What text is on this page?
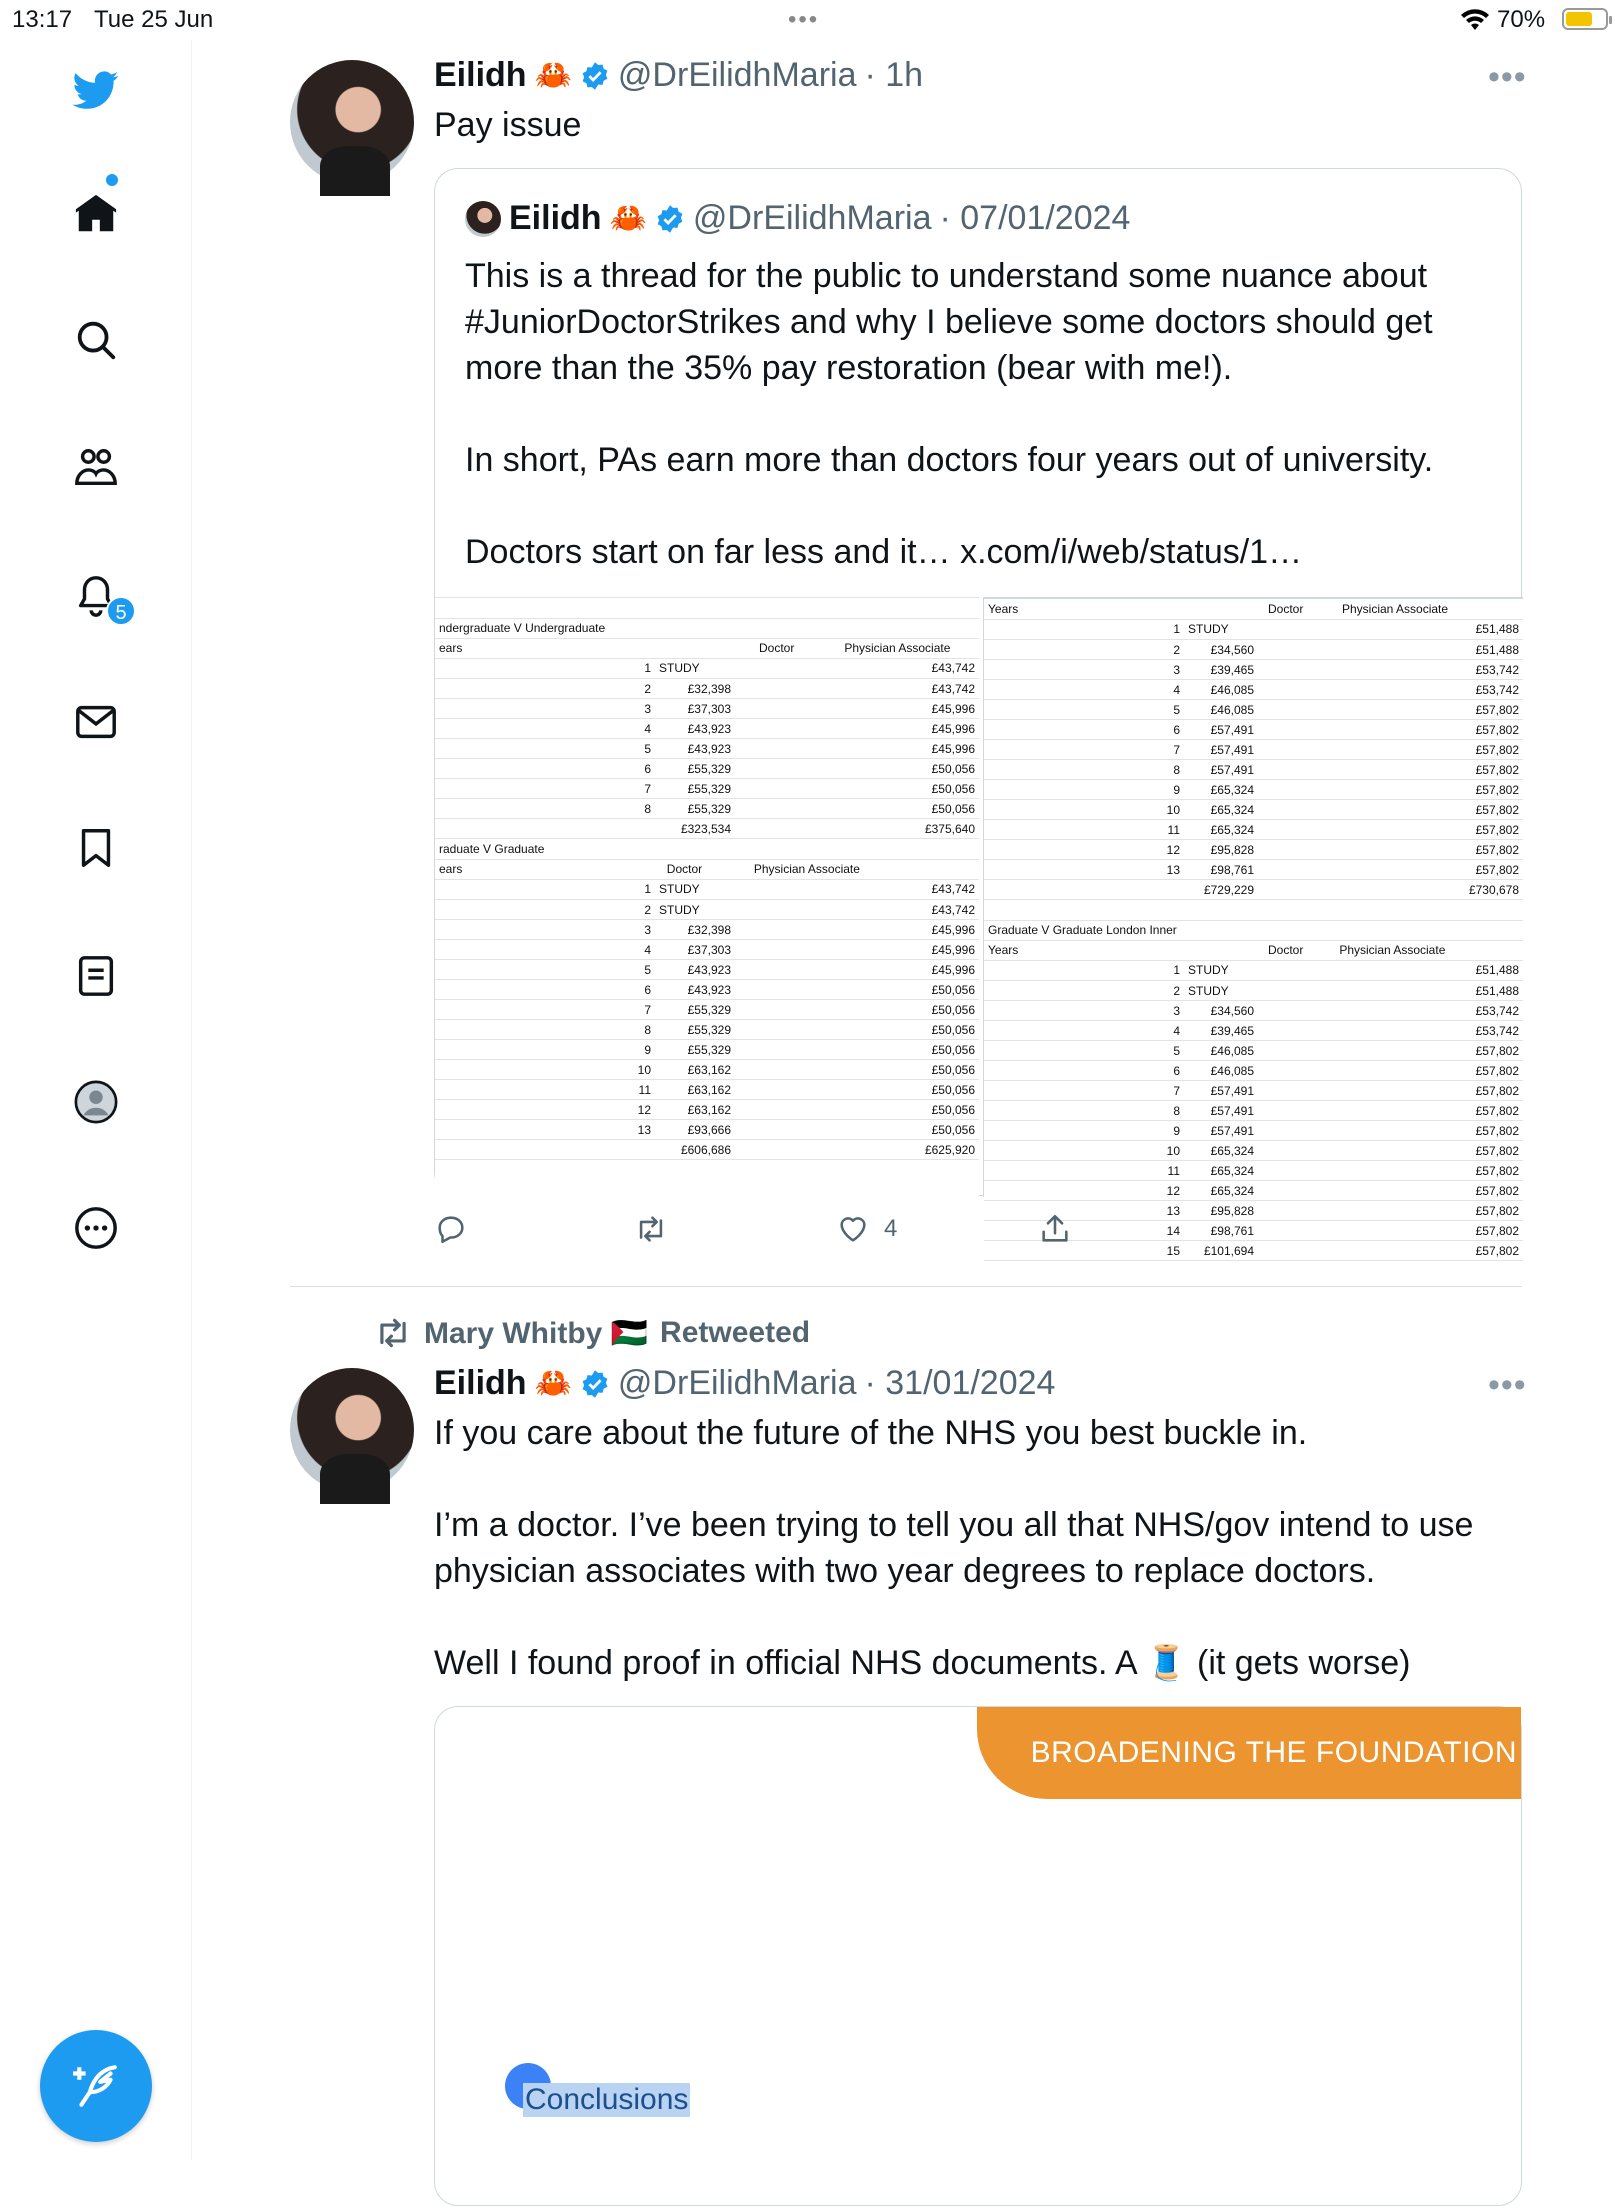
13:17 Tue 25 Jun	•••	70%
5
Eilidh 🦀 @DrEilidhMaria · 1h	•••
Pay issue
Eilidh 🦀 @DrEilidhMaria · 07/01/2024
This is a thread for the public to understand some nuance about #JuniorDoctorStrikes and why I believe some doctors should get more than the 35% pay restoration (bear with me!).

In short, PAs earn more than doctors four years out of university.

Doctors start on far less and it… x.com/i/web/status/1…

ndergraduate V Undergraduate		
ears	Doctor	Physician Associate
1	STUDY	£43,742
2	£32,398	£43,742
3	£37,303	£45,996
4	£43,923	£45,996
5	£43,923	£45,996
6	£55,329	£50,056
7	£55,329	£50,056
8	£55,329	£50,056
	£323,534	£375,640
raduate V Graduate		
ears	Doctor	Physician Associate
1	STUDY	£43,742
2	STUDY	£43,742
3	£32,398	£45,996
4	£37,303	£45,996
5	£43,923	£45,996
6	£43,923	£50,056
7	£55,329	£50,056
8	£55,329	£50,056
9	£55,329	£50,056
10	£63,162	£50,056
11	£63,162	£50,056
12	£63,162	£50,056
13	£93,666	£50,056
	£606,686	£625,920
Years	Doctor	Physician Associate
1	STUDY	£51,488
2	£34,560	£51,488
3	£39,465	£53,742
4	£46,085	£53,742
5	£46,085	£57,802
6	£57,491	£57,802
7	£57,491	£57,802
8	£57,491	£57,802
9	£65,324	£57,802
10	£65,324	£57,802
11	£65,324	£57,802
12	£95,828	£57,802
13	£98,761	£57,802
	£729,229	£730,678

Graduate V Graduate London Inner		
Years	Doctor	Physician Associate
1	STUDY	£51,488
2	STUDY	£51,488
3	£34,560	£53,742
4	£39,465	£53,742
5	£46,085	£57,802
6	£46,085	£57,802
7	£57,491	£57,802
8	£57,491	£57,802
9	£57,491	£57,802
10	£65,324	£57,802
11	£65,324	£57,802
12	£65,324	£57,802
13	£95,828	£57,802
14	£98,761	£57,802
15	£101,694	£57,802
4
Mary Whitby 🇵🇸 Retweeted
Eilidh 🦀 @DrEilidhMaria · 31/01/2024	•••
If you care about the future of the NHS you best buckle in.

I’m a doctor. I’ve been trying to tell you all that NHS/gov intend to use physician associates with two year degrees to replace doctors.

Well I found proof in official NHS documents. A 🧵 (it gets worse)
BROADENING THE FOUNDATION
Conclusions
